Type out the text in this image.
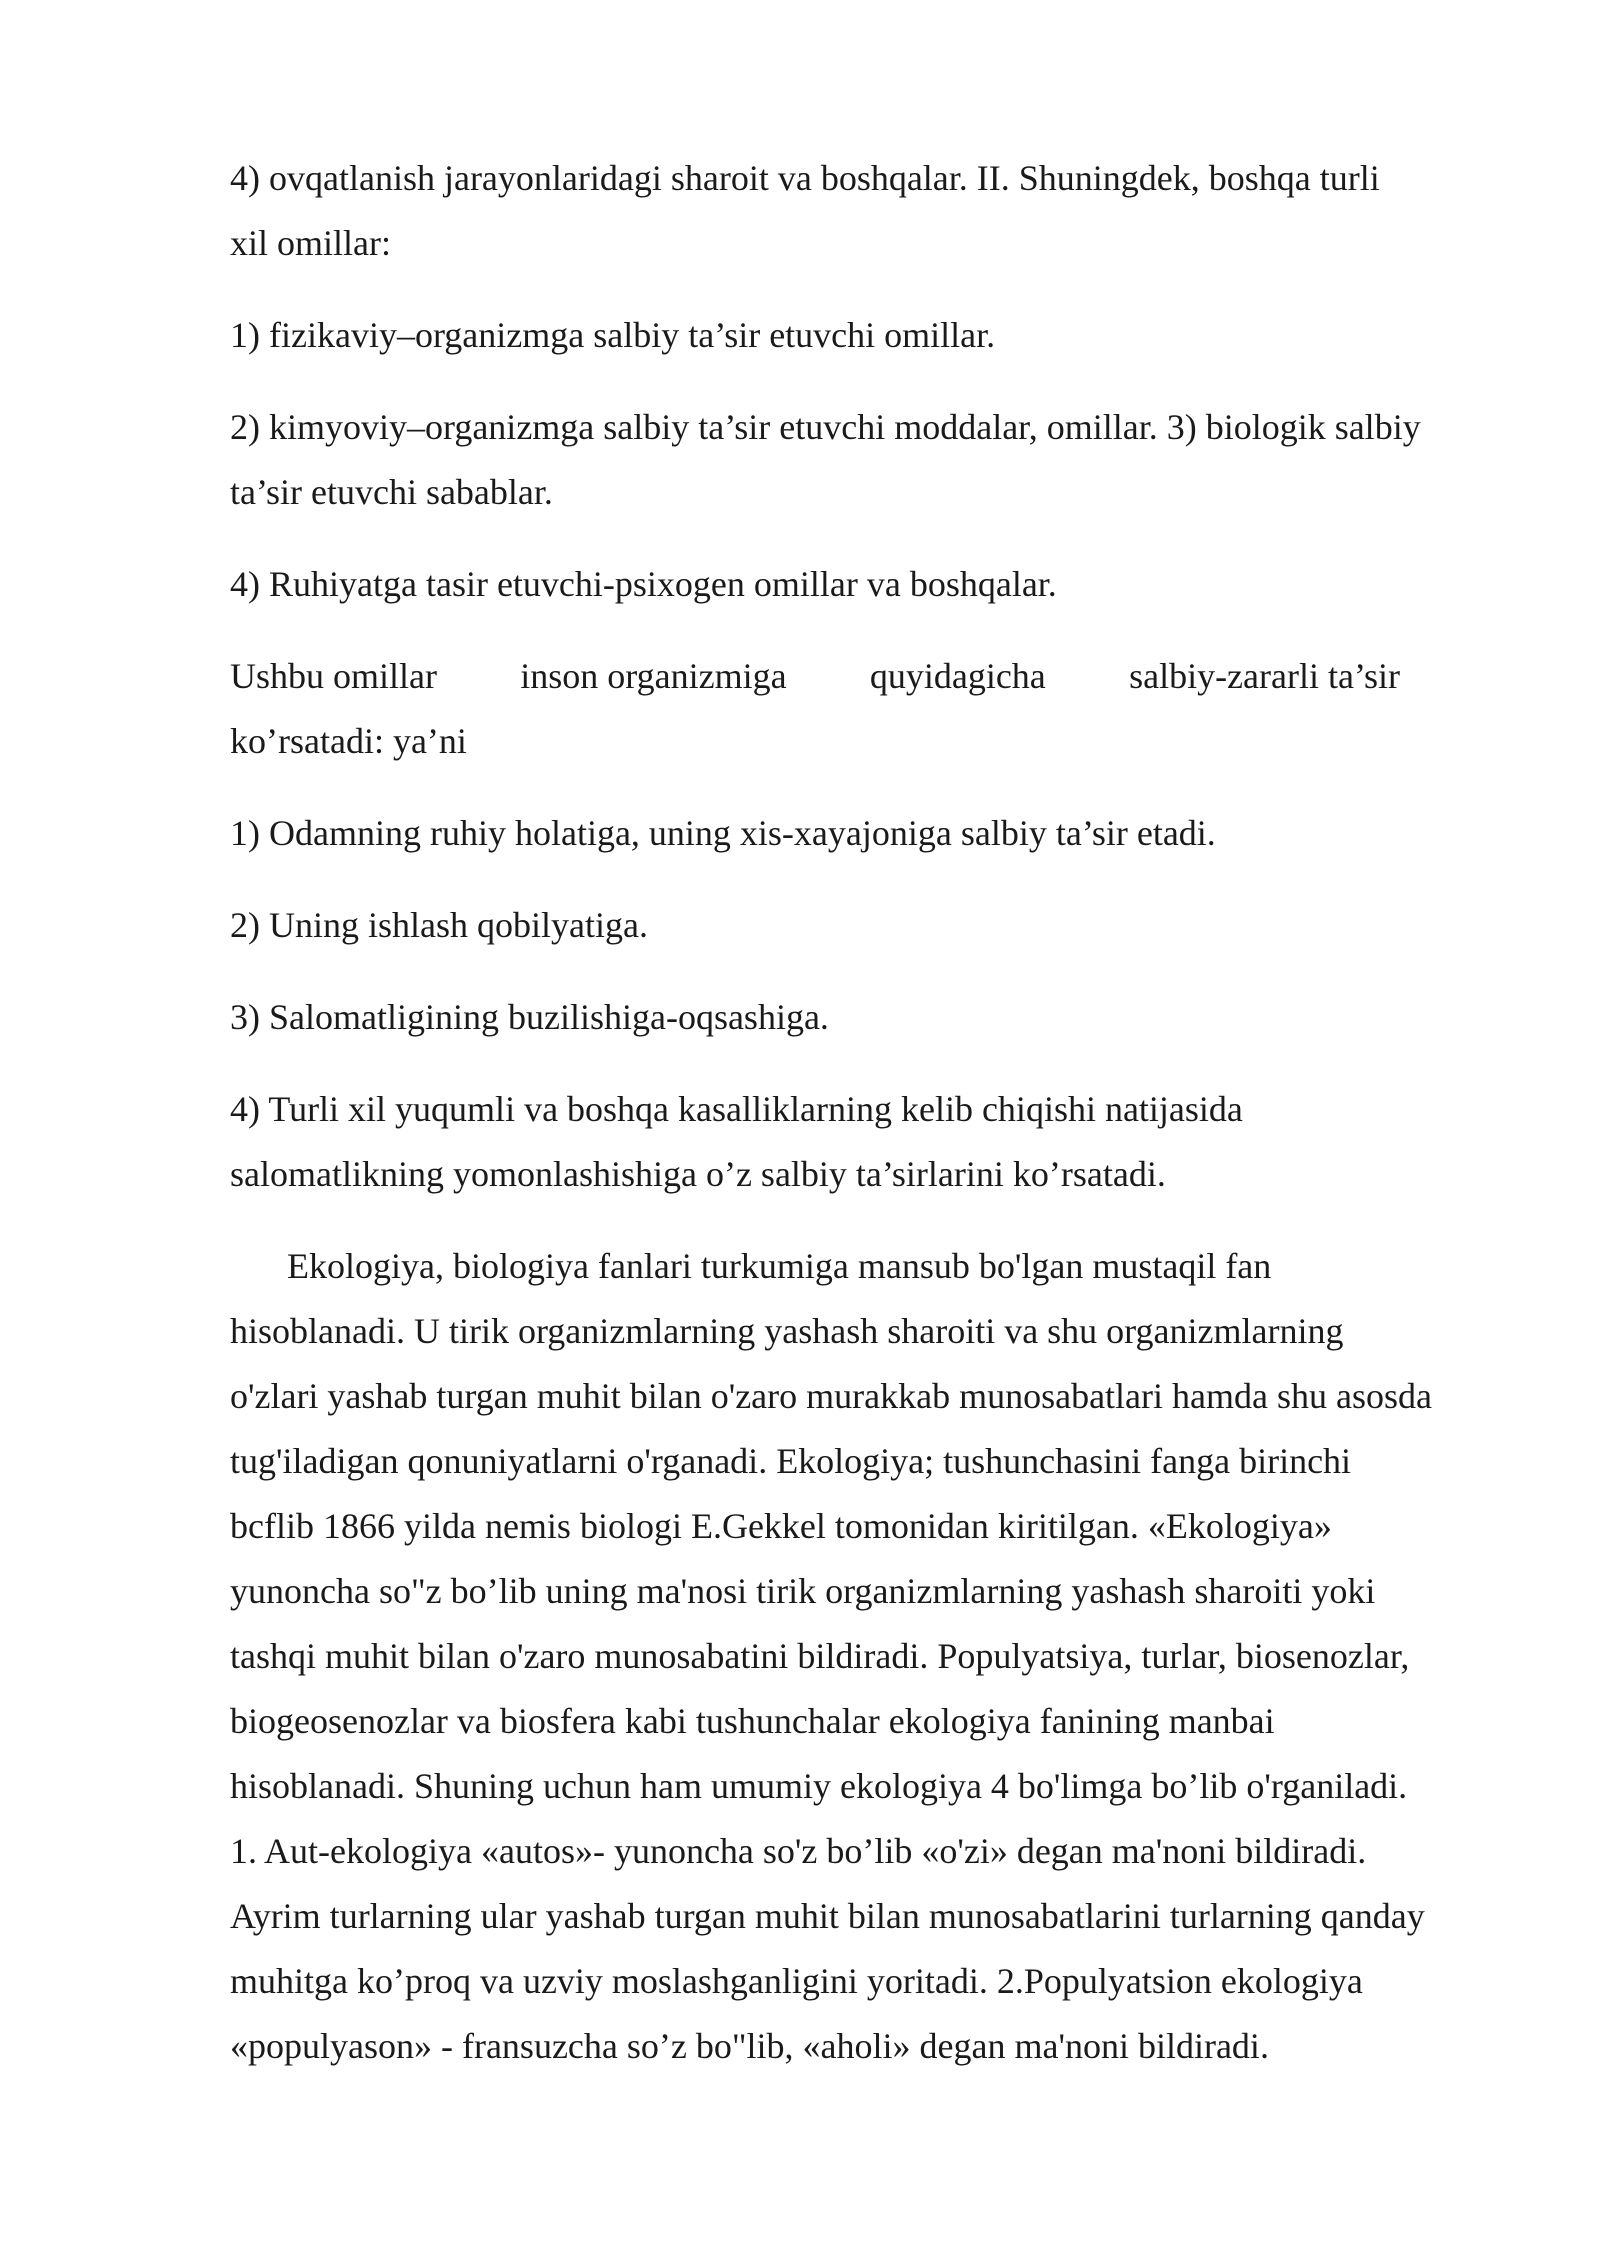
4) ovqatlanish jarayonlaridagi sharoit va boshqalar. II. Shuningdek, boshqa turli
xil omillar:
1) fizikaviy–organizmga salbiy ta’sir etuvchi omillar.
2) kimyoviy–organizmga salbiy ta’sir etuvchi moddalar, omillar. 3) biologik salbiy
ta’sir etuvchi sabablar.
4) Ruhiyatga tasir etuvchi-psixogen omillar va boshqalar.
Ushbu omillar inson organizmiga quyidagicha salbiy-zararli ta’sir
ko’rsatadi: ya’ni
1) Odamning ruhiy holatiga, uning xis-xayajoniga salbiy ta’sir etadi.
2) Uning ishlash qobilyatiga.
3) Salomatligining buzilishiga-oqsashiga.
4) Turli xil yuqumli va boshqa kasalliklarning kelib chiqishi natijasida
salomatlikning yomonlashishiga o’z salbiy ta’sirlarini ko’rsatadi.
Ekologiya, biologiya fanlari turkumiga mansub bo'lgan mustaqil fan
hisoblanadi. U tirik organizmlarning yashash sharoiti va shu organizmlarning
o'zlari yashab turgan muhit bilan o'zaro murakkab munosabatlari hamda shu asosda
tug'iladigan qonuniyatlarni o'rganadi. Ekologiya; tushunchasini fanga birinchi
bcflib 1866 yilda nemis biologi E.Gekkel tomonidan kiritilgan. «Ekologiya»
yunoncha so"z bo’lib uning ma'nosi tirik organizmlarning yashash sharoiti yoki
tashqi muhit bilan o'zaro munosabatini bildiradi. Populyatsiya, turlar, biosenozlar,
biogeosenozlar va biosfera kabi tushunchalar ekologiya fanining manbai
hisoblanadi. Shuning uchun ham umumiy ekologiya 4 bo'limga bo’lib o'rganiladi.
1. Aut-ekologiya «autos»- yunoncha so'z bo’lib «o'zi» degan ma'noni bildiradi.
Ayrim turlarning ular yashab turgan muhit bilan munosabatlarini turlarning qanday
muhitga ko’proq va uzviy moslashganligini yoritadi. 2.Populyatsion ekologiya
«populyason» - fransuzcha so’z bo"lib, «aholi» degan ma'noni bildiradi.
